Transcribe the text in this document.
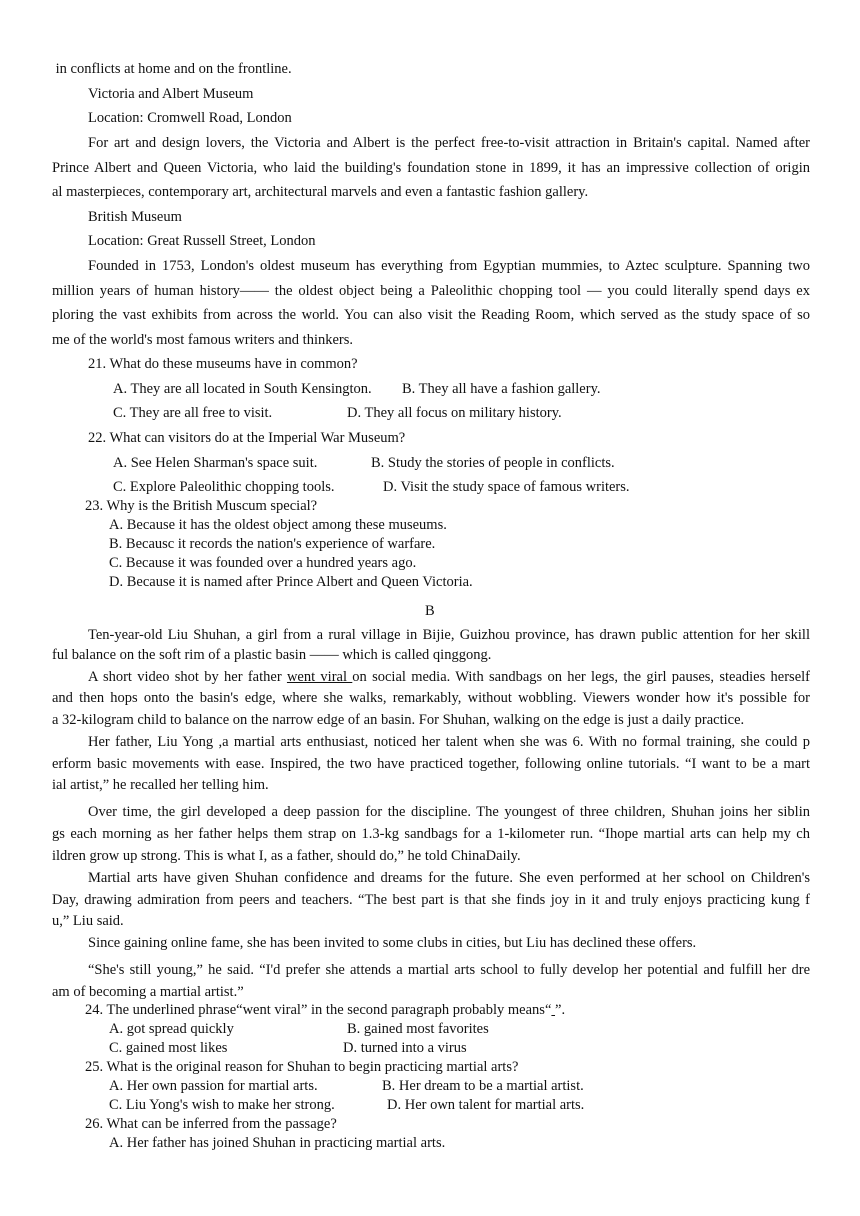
in conflicts at home and on the frontline.
Victoria and Albert Museum
Location: Cromwell Road, London
For art and design lovers, the Victoria and Albert is the perfect free-to-visit attraction in Britain's capital. Named after
Prince Albert and Queen Victoria, who laid the building's foundation stone in 1899, it has an impressive collection of origin
al masterpieces, contemporary art, architectural marvels and even a fantastic fashion gallery.
British Museum
Location: Great Russell Street, London
Founded in 1753, London's oldest museum has everything from Egyptian mummies, to Aztec sculpture. Spanning two
million years of human history—— the oldest object being a Paleolithic chopping tool — you could literally spend days ex
ploring the vast exhibits from across the world. You can also visit the Reading Room, which served as the study space of so
me of the world's most famous writers and thinkers.
21. What do these museums have in common?
A. They are all located in South Kensington. B. They all have a fashion gallery.
C. They are all free to visit.	D. They all focus on military history.
22. What can visitors do at the Imperial War Museum?
A. See Helen Sharman's space suit.	B. Study the stories of people in conflicts.
C. Explore Paleolithic chopping tools.	D. Visit the study space of famous writers.
23. Why is the British Muscum special?
A. Because it has the oldest object among these museums.
B. Becausc it records the nation's experience of warfare.
C. Because it was founded over a hundred years ago.
D. Because it is named after Prince Albert and Queen Victoria.
B
Ten-year-old Liu Shuhan, a girl from a rural village in Bijie, Guizhou province, has drawn public attention for her skill
ful balance on the soft rim of a plastic basin —— which is called qinggong.
A short video shot by her father went viral on social media. With sandbags on her legs, the girl pauses, steadies herself
and then hops onto the basin's edge, where she walks, remarkably, without wobbling. Viewers wonder how it's possible for
a 32-kilogram child to balance on the narrow edge of an basin. For Shuhan, walking on the edge is just a daily practice.
Her father, Liu Yong ,a martial arts enthusiast, noticed her talent when she was 6. With no formal training, she could p
erform basic movements with ease. Inspired, the two have practiced together, following online tutorials. “I want to be a mart
ial artist,” he recalled her telling him.
Over time, the girl developed a deep passion for the discipline. The youngest of three children, Shuhan joins her siblin
gs each morning as her father helps them strap on 1.3-kg sandbags for a 1-kilometer run. “Ihope martial arts can help my ch
ildren grow up strong. This is what I, as a father, should do,” he told ChinaDaily.
Martial arts have given Shuhan confidence and dreams for the future. She even performed at her school on Children's
Day, drawing admiration from peers and teachers. “The best part is that she finds joy in it and truly enjoys practicing kung f
u,” Liu said.
Since gaining online fame, she has been invited to some clubs in cities, but Liu has declined these offers.
“She's still young,” he said. “I'd prefer she attends a martial arts school to fully develop her potential and fulfill her dre
am of becoming a martial artist.”
24. The underlined phrase“went viral” in the second paragraph probably means“ ”.
A. got spread quickly	B. gained most favorites
C. gained most likes	D. turned into a virus
25. What is the original reason for Shuhan to begin practicing martial arts?
A. Her own passion for martial arts.	B. Her dream to be a martial artist.
C. Liu Yong's wish to make her strong.	D. Her own talent for martial arts.
26. What can be inferred from the passage?
A. Her father has joined Shuhan in practicing martial arts.
